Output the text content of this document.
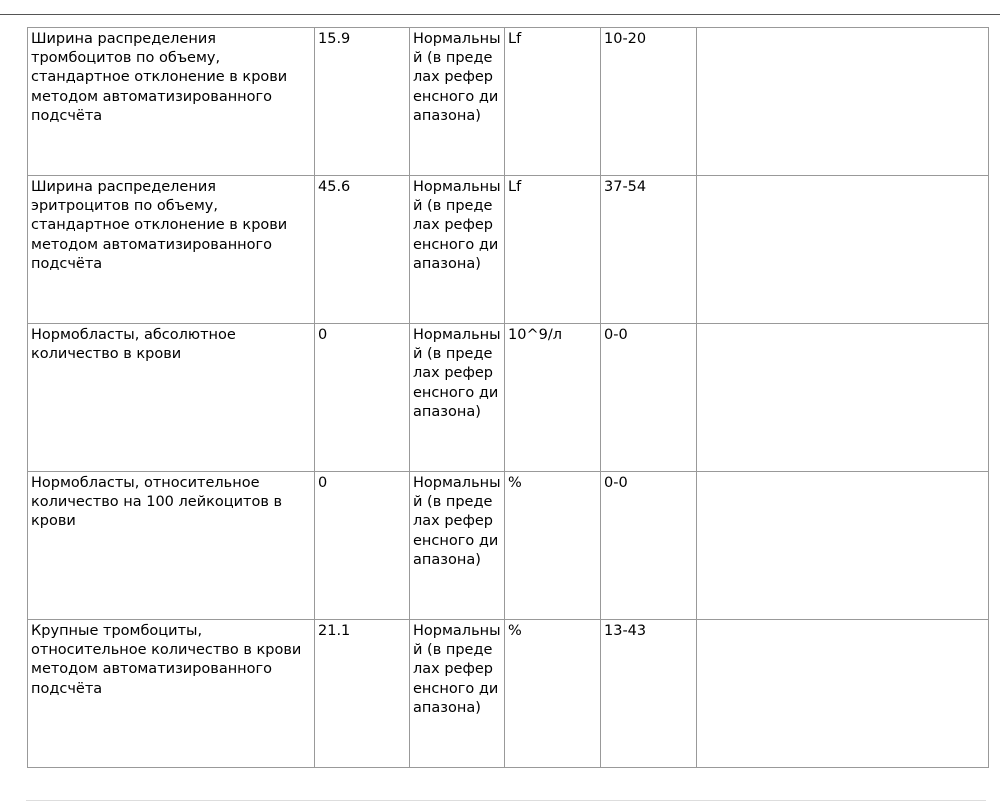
Ширина распределения тромбоцитов по объему, стандартное отклонение в крови методом автоматизированного подсчёта	15.9	Нормальный (в пределах референсного диапазона)	Lf	10-20	
Ширина распределения эритроцитов по объему, стандартное отклонение в крови методом автоматизированного подсчёта	45.6	Нормальный (в пределах референсного диапазона)	Lf	37-54	
Нормобласты, абсолютное количество в крови	0	Нормальный (в пределах референсного диапазона)	10^9/л	0-0	
Нормобласты, относительное количество на 100 лейкоцитов в крови	0	Нормальный (в пределах референсного диапазона)	%	0-0	
Крупные тромбоциты, относительное количество в крови методом автоматизированного подсчёта	21.1	Нормальный (в пределах референсного диапазона)	%	13-43	
